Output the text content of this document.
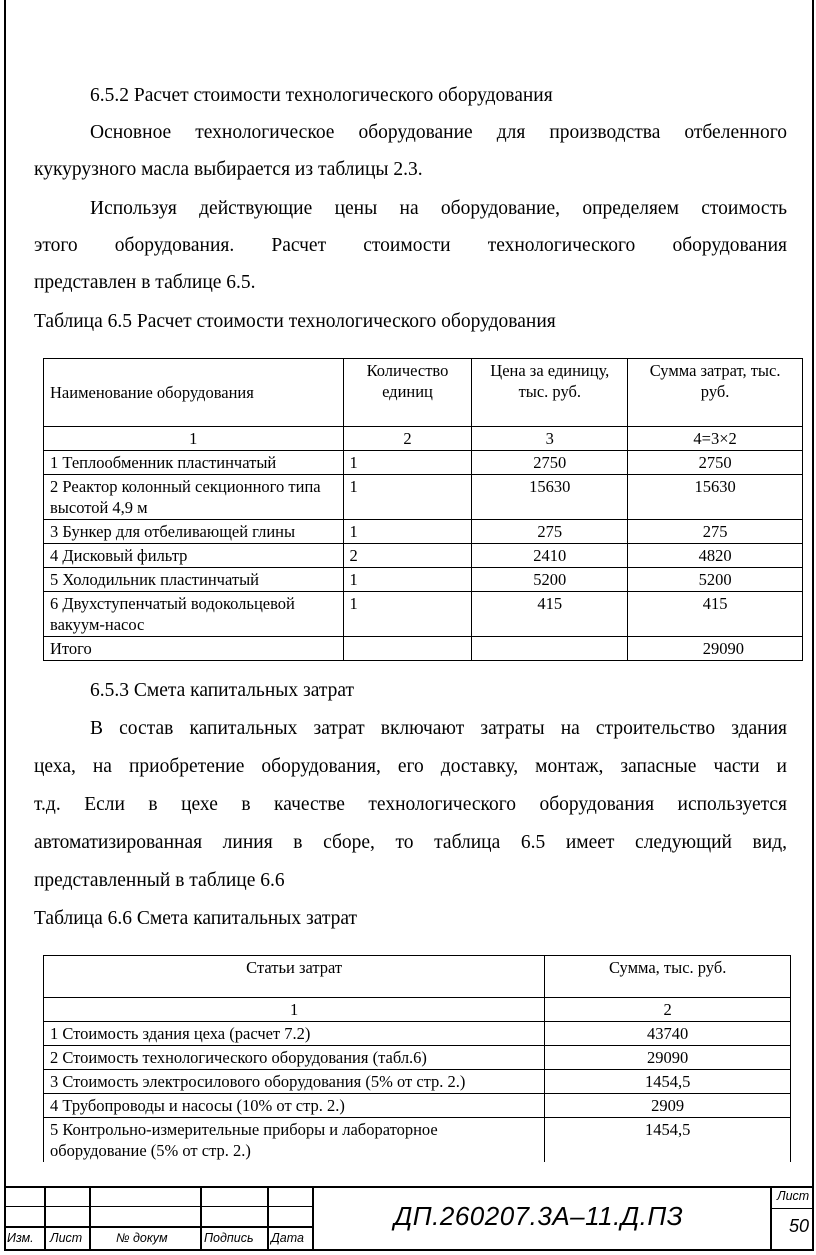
6.5.2 Расчет стоимости технологического оборудования
Основное технологическое оборудование для производства отбеленного
кукурузного масла выбирается из таблицы 2.3.
Используя действующие цены на оборудование, определяем стоимость
этого оборудования. Расчет стоимости технологического оборудования
представлен в таблице 6.5.
Таблица 6.5 Расчет стоимости технологического оборудования
Наименование оборудования	Количество единиц	Цена за единицу, тыс. руб.	Сумма затрат, тыс. руб.
1	2	3	4=3×2
1 Теплообменник пластинчатый	1	2750	2750
2 Реактор колонный секционного типа высотой 4,9 м	1	15630	15630
3 Бункер для отбеливающей глины	1	275	275
4 Дисковый фильтр	2	2410	4820
5 Холодильник пластинчатый	1	5200	5200
6 Двухступенчатый водокольцевой вакуум-насос	1	415	415
Итого			29090
6.5.3 Смета капитальных затрат
В состав капитальных затрат включают затраты на строительство здания
цеха, на приобретение оборудования, его доставку, монтаж, запасные части и
т.д. Если в цехе в качестве технологического оборудования используется
автоматизированная линия в сборе, то таблица 6.5 имеет следующий вид,
представленный в таблице 6.6
Таблица 6.6 Смета капитальных затрат
Статьи затрат	Сумма, тыс. руб.
1	2
1 Стоимость здания цеха (расчет 7.2)	43740
2 Стоимость технологического оборудования (табл.6)	29090
3 Стоимость электросилового оборудования (5% от стр. 2.)	1454,5
4 Трубопроводы и насосы (10% от стр. 2.)	2909
5 Контрольно-измерительные приборы и лабораторное оборудование (5% от стр. 2.)	1454,5
Изм. Лист	№ докум	Подпись Дата
ДП.260207.3А–11.Д.ПЗ
Лист
50
